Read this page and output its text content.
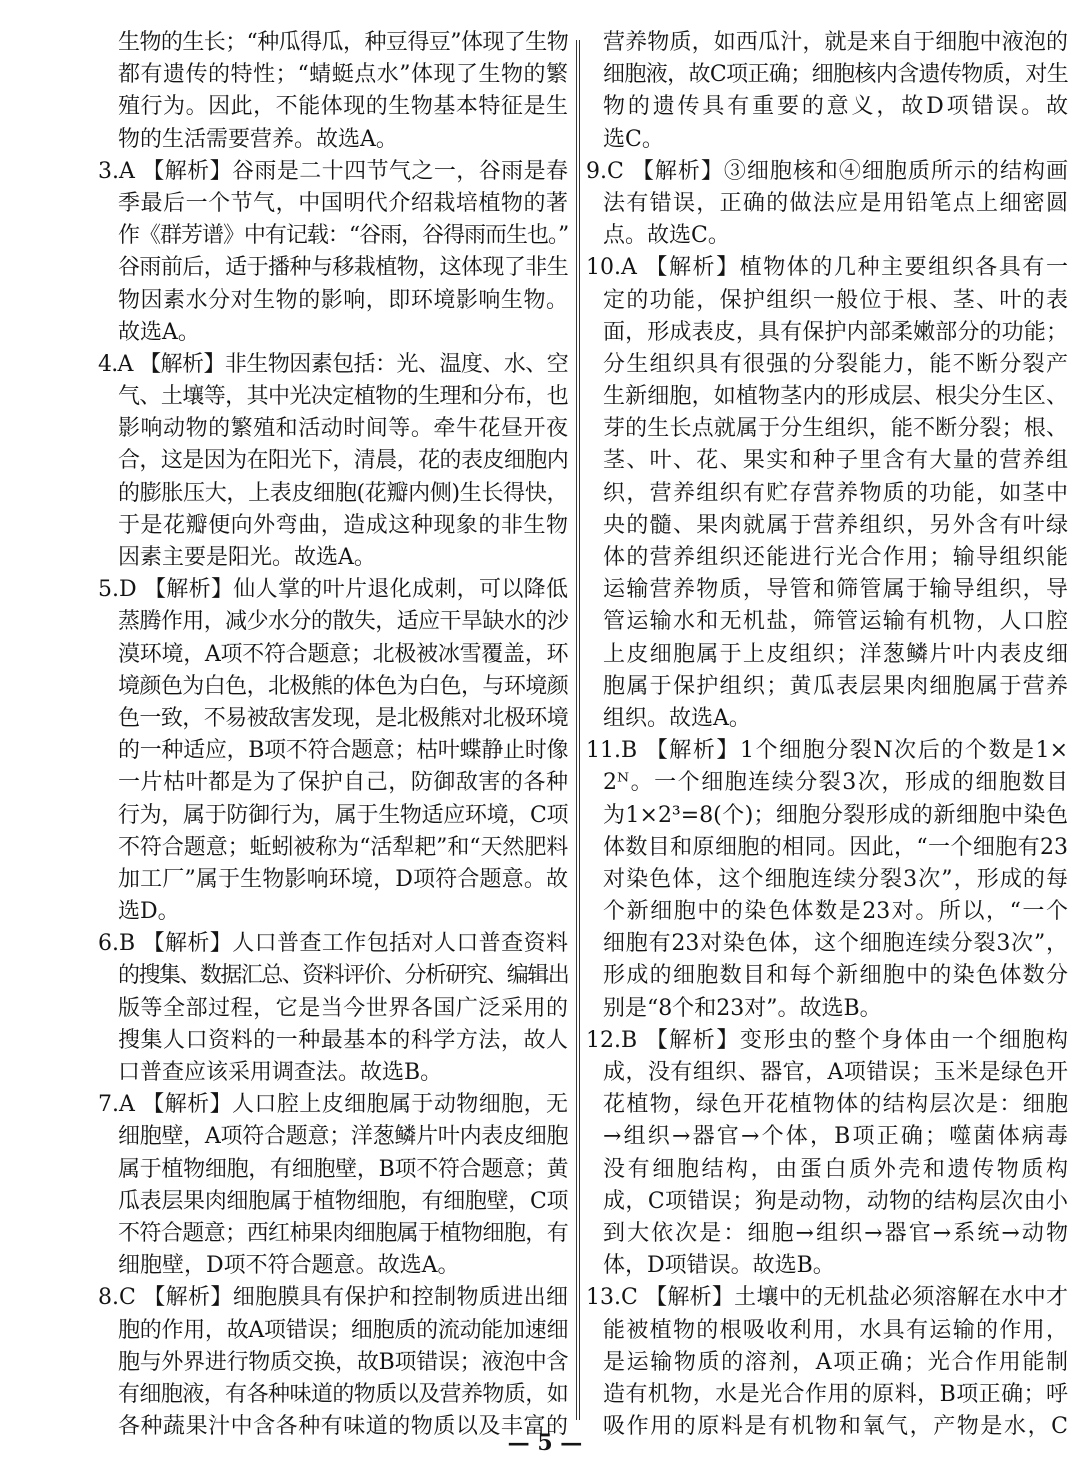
生物的生长；“种瓜得瓜，种豆得豆”体现了生物
都有遗传的特性；“蜻蜓点水”体现了生物的繁
殖行为。因此，不能体现的生物基本特征是生
物的生活需要营养。故选A。
3.A 【解析】谷雨是二十四节气之一，谷雨是春
季最后一个节气，中国明代介绍栽培植物的著
作《群芳谱》中有记载：“谷雨，谷得雨而生也。”
谷雨前后，适于播种与移栽植物，这体现了非生
物因素水分对生物的影响，即环境影响生物。
故选A。
4.A 【解析】非生物因素包括：光、温度、水、空
气、土壤等，其中光决定植物的生理和分布，也
影响动物的繁殖和活动时间等。牵牛花昼开夜
合，这是因为在阳光下，清晨，花的表皮细胞内
的膨胀压大，上表皮细胞(花瓣内侧)生长得快，
于是花瓣便向外弯曲，造成这种现象的非生物
因素主要是阳光。故选A。
5.D 【解析】仙人掌的叶片退化成刺，可以降低
蒸腾作用，减少水分的散失，适应干旱缺水的沙
漠环境，A项不符合题意；北极被冰雪覆盖，环
境颜色为白色，北极熊的体色为白色，与环境颜
色一致，不易被敌害发现，是北极熊对北极环境
的一种适应，B项不符合题意；枯叶蝶静止时像
一片枯叶都是为了保护自己，防御敌害的各种
行为，属于防御行为，属于生物适应环境，C项
不符合题意；蚯蚓被称为“活犁耙”和“天然肥料
加工厂”属于生物影响环境，D项符合题意。故
选D。
6.B 【解析】人口普查工作包括对人口普查资料
的搜集、数据汇总、资料评价、分析研究、编辑出
版等全部过程，它是当今世界各国广泛采用的
搜集人口资料的一种最基本的科学方法，故人
口普查应该采用调查法。故选B。
7.A 【解析】人口腔上皮细胞属于动物细胞，无
细胞壁，A项符合题意；洋葱鳞片叶内表皮细胞
属于植物细胞，有细胞壁，B项不符合题意；黄
瓜表层果肉细胞属于植物细胞，有细胞壁，C项
不符合题意；西红柿果肉细胞属于植物细胞，有
细胞壁，D项不符合题意。故选A。
8.C 【解析】细胞膜具有保护和控制物质进出细
胞的作用，故A项错误；细胞质的流动能加速细
胞与外界进行物质交换，故B项错误；液泡中含
有细胞液，有各种味道的物质以及营养物质，如
各种蔬果汁中含各种有味道的物质以及丰富的
营养物质，如西瓜汁，就是来自于细胞中液泡的
细胞液，故C项正确；细胞核内含遗传物质，对生
物的遗传具有重要的意义，故D项错误。故
选C。
9.C 【解析】③细胞核和④细胞质所示的结构画
法有错误，正确的做法应是用铅笔点上细密圆
点。故选C。
10.A 【解析】植物体的几种主要组织各具有一
定的功能，保护组织一般位于根、茎、叶的表
面，形成表皮，具有保护内部柔嫩部分的功能；
分生组织具有很强的分裂能力，能不断分裂产
生新细胞，如植物茎内的形成层、根尖分生区、
芽的生长点就属于分生组织，能不断分裂；根、
茎、叶、花、果实和种子里含有大量的营养组
织，营养组织有贮存营养物质的功能，如茎中
央的髓、果肉就属于营养组织，另外含有叶绿
体的营养组织还能进行光合作用；输导组织能
运输营养物质，导管和筛管属于输导组织，导
管运输水和无机盐，筛管运输有机物，人口腔
上皮细胞属于上皮组织；洋葱鳞片叶内表皮细
胞属于保护组织；黄瓜表层果肉细胞属于营养
组织。故选A。
11.B 【解析】1个细胞分裂N次后的个数是1×
2ᴺ。一个细胞连续分裂3次，形成的细胞数目
为1×2³=8(个)；细胞分裂形成的新细胞中染色
体数目和原细胞的相同。因此，“一个细胞有23
对染色体，这个细胞连续分裂3次”，形成的每
个新细胞中的染色体数是23对。所以，“一个
细胞有23对染色体，这个细胞连续分裂3次”，
形成的细胞数目和每个新细胞中的染色体数分
别是“8个和23对”。故选B。
12.B 【解析】变形虫的整个身体由一个细胞构
成，没有组织、器官，A项错误；玉米是绿色开
花植物，绿色开花植物体的结构层次是：细胞
→组织→器官→个体，B项正确；噬菌体病毒
没有细胞结构，由蛋白质外壳和遗传物质构
成，C项错误；狗是动物，动物的结构层次由小
到大依次是：细胞→组织→器官→系统→动物
体，D项错误。故选B。
13.C 【解析】土壤中的无机盐必须溶解在水中才
能被植物的根吸收利用，水具有运输的作用，
是运输物质的溶剂，A项正确；光合作用能制
造有机物，水是光合作用的原料，B项正确；呼
吸作用的原料是有机物和氧气，产物是水，C
— 5 —
